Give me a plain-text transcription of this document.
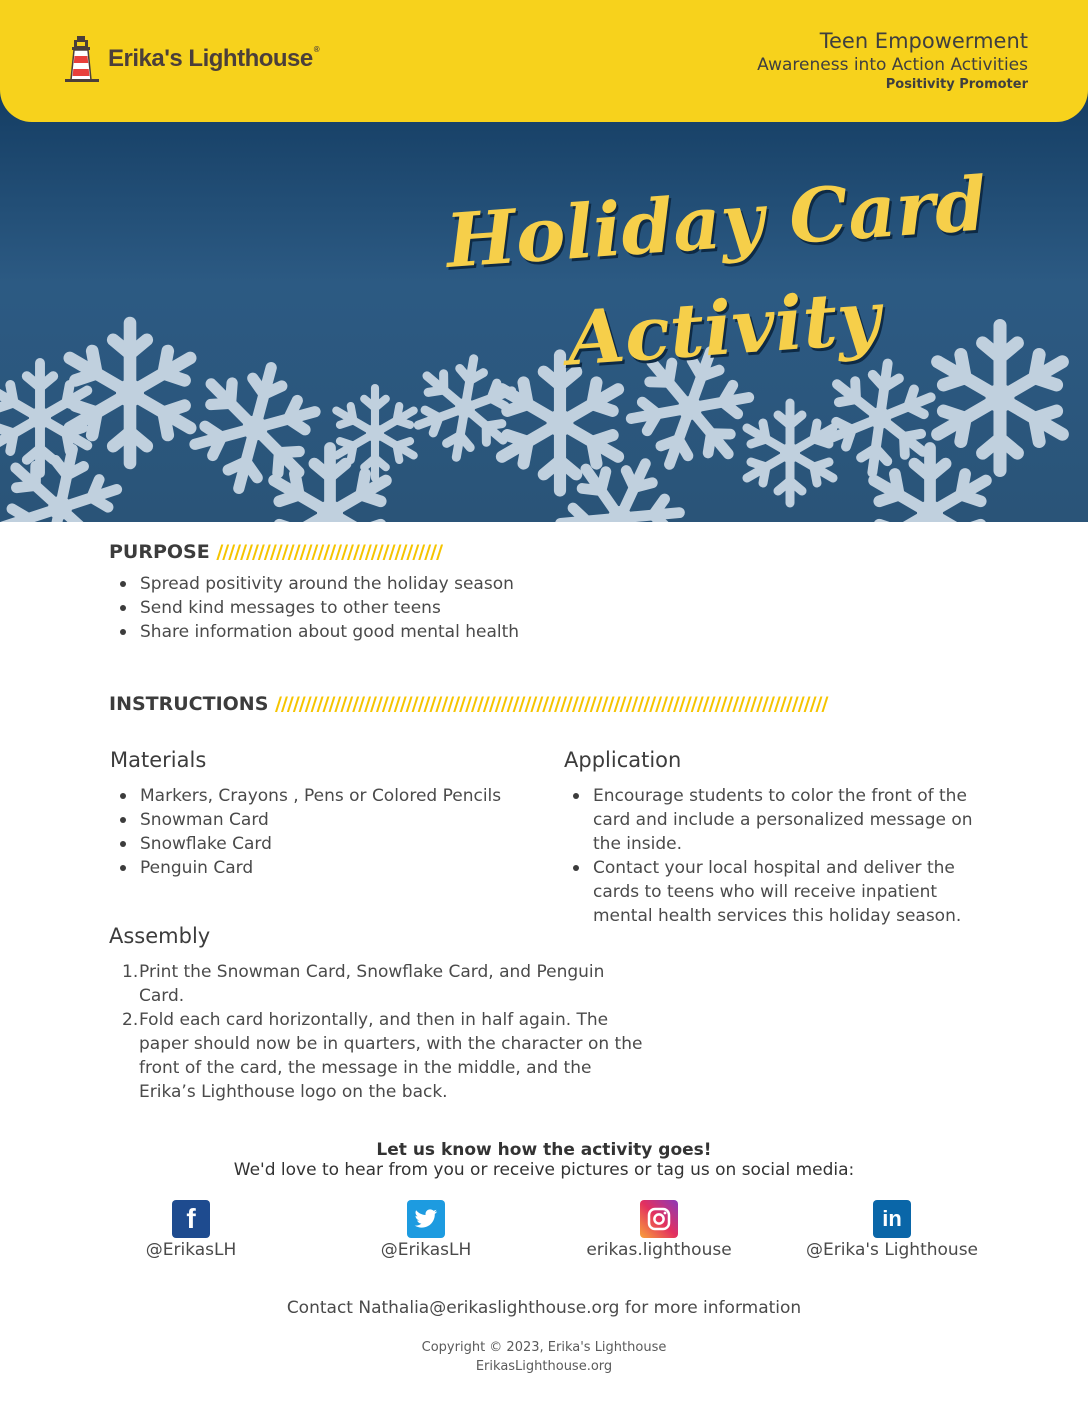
Erika's Lighthouse®	Teen Empowerment
Awareness into Action Activities
Positivity Promoter
Holiday Card
Activity
PURPOSE //////////////////////////////////////
Spread positivity around the holiday season
Send kind messages to other teens
Share information about good mental health
INSTRUCTIONS /////////////////////////////////////////////////////////////////////////////////////////////
Materials
Markers, Crayons , Pens or Colored Pencils
Snowman Card
Snowflake Card
Penguin Card
Application
Encourage students to color the front of the card and include a personalized message on the inside.
Contact your local hospital and deliver the cards to teens who will receive inpatient mental health services this holiday season.
Assembly
1. Print the Snowman Card, Snowflake Card, and Penguin Card.
2. Fold each card horizontally, and then in half again. The paper should now be in quarters, with the character on the front of the card, the message in the middle, and the Erika’s Lighthouse logo on the back.
Let us know how the activity goes!
We'd love to hear from you or receive pictures or tag us on social media:
f
@ErikasLH	@ErikasLH	erikas.lighthouse
in
@Erika's Lighthouse
Contact Nathalia@erikaslighthouse.org for more information
Copyright © 2023, Erika's Lighthouse
ErikasLighthouse.org
